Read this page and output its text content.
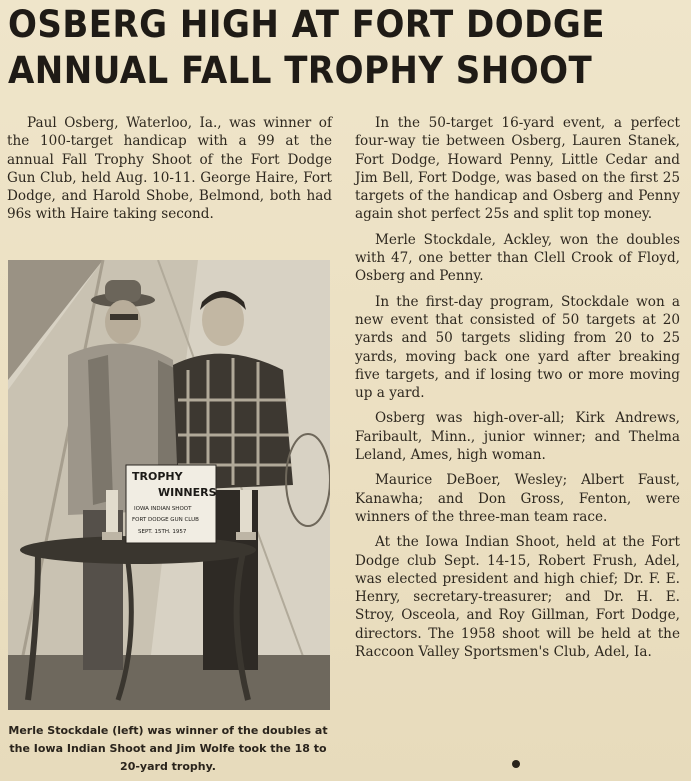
OSBERG HIGH AT FORT DODGE
ANNUAL FALL TROPHY SHOOT

Paul Osberg, Waterloo, Ia., was winner of the 100-target handicap with a 99 at the annual Fall Trophy Shoot of the Fort Dodge Gun Club, held Aug. 10-11. George Haire, Fort Dodge, and Harold Shobe, Belmond, both had 96s with Haire taking second.

TROPHY
WINNERS
IOWA INDIAN SHOOT
FORT DODGE GUN CLUB
SEPT. 15TH. 1957
Merle Stockdale (left) was winner of the doubles at the Iowa Indian Shoot and Jim Wolfe took the 18 to 20-yard trophy.

In the 50-target 16-yard event, a perfect four-way tie between Osberg, Lauren Stanek, Fort Dodge, Howard Penny, Little Cedar and Jim Bell, Fort Dodge, was based on the first 25 targets of the handicap and Osberg and Penny again shot perfect 25s and split top money.

Merle Stockdale, Ackley, won the doubles with 47, one better than Clell Crook of Floyd, Osberg and Penny.

In the first-day program, Stockdale won a new event that consisted of 50 targets at 20 yards and 50 targets sliding from 20 to 25 yards, moving back one yard after breaking five targets, and if losing two or more moving up a yard.

Osberg was high-over-all; Kirk Andrews, Faribault, Minn., junior winner; and Thelma Leland, Ames, high woman.

Maurice DeBoer, Wesley; Albert Faust, Kanawha; and Don Gross, Fenton, were winners of the three-man team race.

At the Iowa Indian Shoot, held at the Fort Dodge club Sept. 14-15, Robert Frush, Adel, was elected president and high chief; Dr. F. E. Henry, secretary-treasurer; and Dr. H. E. Stroy, Osceola, and Roy Gillman, Fort Dodge, directors. The 1958 shoot will be held at the Raccoon Valley Sportsmen's Club, Adel, Ia.
